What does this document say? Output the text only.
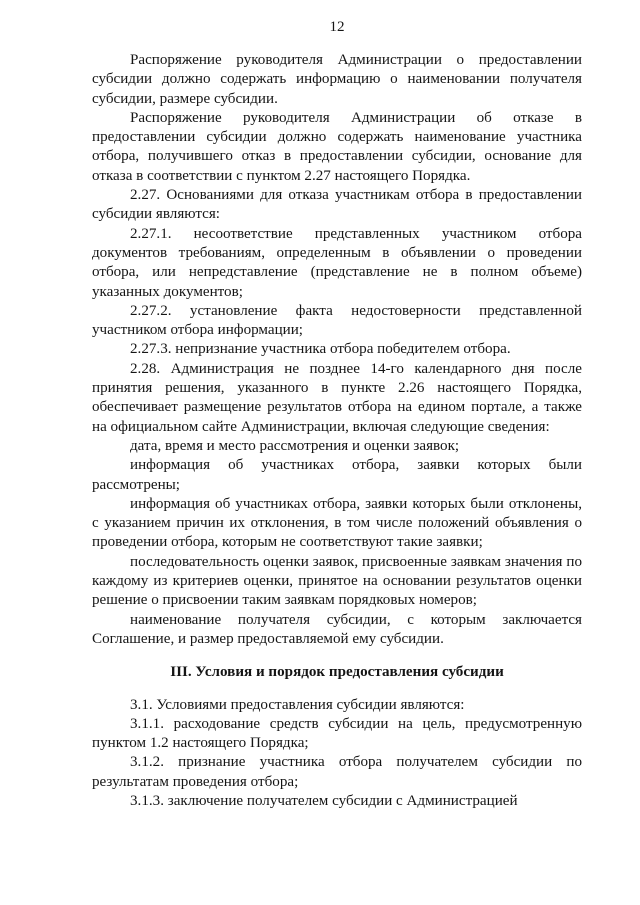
12

Распоряжение руководителя Администрации о предоставлении субсидии должно содержать информацию о наименовании получателя субсидии, размере субсидии.

Распоряжение руководителя Администрации об отказе в предоставлении субсидии должно содержать наименование участника отбора, получившего отказ в предоставлении субсидии, основание для отказа в соответствии с пунктом 2.27 настоящего Порядка.

2.27. Основаниями для отказа участникам отбора в предоставлении субсидии являются:

2.27.1. несоответствие представленных участником отбора документов требованиям, определенным в объявлении о проведении отбора, или непредставление (представление не в полном объеме) указанных документов;

2.27.2. установление факта недостоверности представленной участником отбора информации;

2.27.3. непризнание участника отбора победителем отбора.

2.28. Администрация не позднее 14-го календарного дня после принятия решения, указанного в пункте 2.26 настоящего Порядка, обеспечивает размещение результатов отбора на едином портале, а также на официальном сайте Администрации, включая следующие сведения:

дата, время и место рассмотрения и оценки заявок;

информация об участниках отбора, заявки которых были рассмотрены;

информация об участниках отбора, заявки которых были отклонены, с указанием причин их отклонения, в том числе положений объявления о проведении отбора, которым не соответствуют такие заявки;

последовательность оценки заявок, присвоенные заявкам значения по каждому из критериев оценки, принятое на основании результатов оценки решение о присвоении таким заявкам порядковых номеров;

наименование получателя субсидии, с которым заключается Соглашение, и размер предоставляемой ему субсидии.

III. Условия и порядок предоставления субсидии

3.1. Условиями предоставления субсидии являются:

3.1.1. расходование средств субсидии на цель, предусмотренную пунктом 1.2 настоящего Порядка;

3.1.2. признание участника отбора получателем субсидии по результатам проведения отбора;

3.1.3. заключение получателем субсидии с Администрацией
